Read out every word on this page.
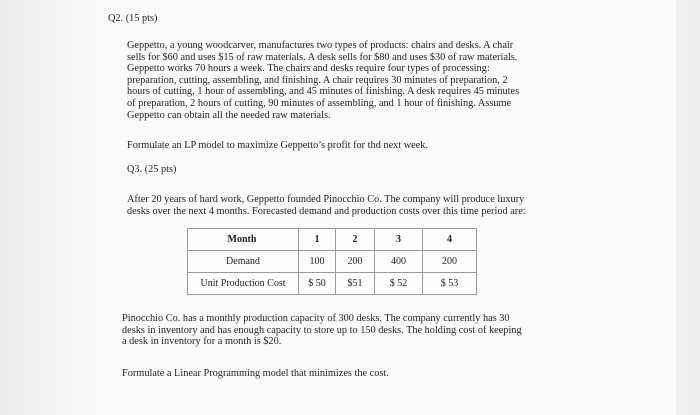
Q2. (15 pts)
Geppetto, a young woodcarver, manufactures two types of products: chairs and desks. A chair
sells for $60 and uses $15 of raw materials. A desk sells for $80 and uses $30 of raw materials.
Geppetto works 70 hours a week. The chairs and desks require four types of processing:
preparation, cutting, assembling, and finishing. A chair requires 30 minutes of preparation, 2
hours of cutting, 1 hour of assembling, and 45 minutes of finishing. A desk requires 45 minutes
of preparation, 2 hours of cutting, 90 minutes of assembling, and 1 hour of finishing. Assume
Geppetto can obtain all the needed raw materials.
Formulate an LP model to maximize Geppetto’s profit for thd next week.
Q3. (25 pts)
After 20 years of hard work, Geppetto founded Pinocchio Co. The company will produce luxury
desks over the next 4 months. Forecasted demand and production costs over this time period are:
Month	1	2	3	4
Demand	100	200	400	200
Unit Production Cost	$ 50	$51	$ 52	$ 53
Pinocchio Co. has a monthly production capacity of 300 desks. The company currently has 30
desks in inventory and has enough capacity to store up to 150 desks. The holding cost of keeping
a desk in inventory for a month is $20.
Formulate a Linear Programming model that minimizes the cost.
